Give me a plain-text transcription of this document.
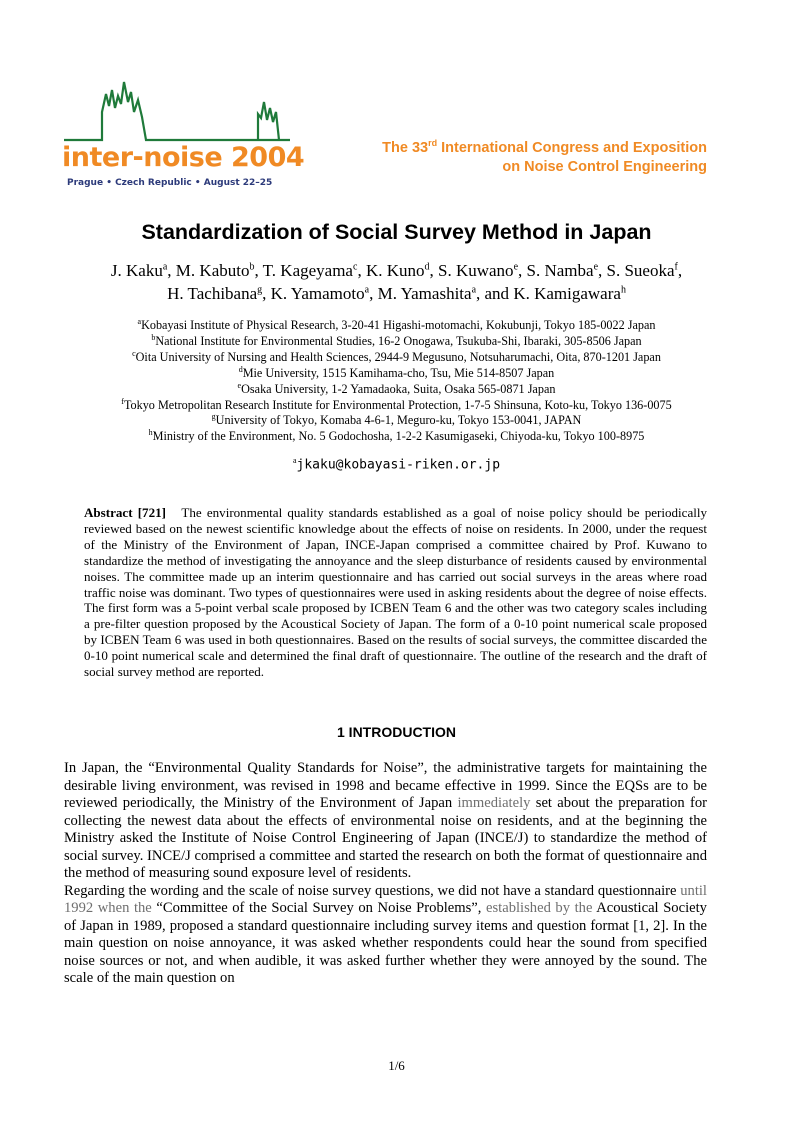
inter-noise 2004
Prague • Czech Republic • August 22–25
The 33rd International Congress and Exposition
on Noise Control Engineering
Standardization of Social Survey Method in Japan
J. Kaku$^a$, M. Kabuto$^b$, T. Kageyama$^c$, K. Kuno$^d$, S. Kuwano$^e$, S. Namba$^e$, S. Sueoka$^f$,
H. Tachibana$^g$, K. Yamamoto$^a$, M. Yamashita$^a$, and K. Kamigawara$^h$
$^a$Kobayasi Institute of Physical Research, 3-20-41 Higashi-motomachi, Kokubunji, Tokyo 185-0022 Japan
$^b$National Institute for Environmental Studies, 16-2 Onogawa, Tsukuba-Shi, Ibaraki, 305-8506 Japan
$^c$Oita University of Nursing and Health Sciences, 2944-9 Megusuno, Notsuharumachi, Oita, 870-1201 Japan
$^d$Mie University, 1515 Kamihama-cho, Tsu, Mie 514-8507 Japan
$^e$Osaka University, 1-2 Yamadaoka, Suita, Osaka 565-0871 Japan
$^f$Tokyo Metropolitan Research Institute for Environmental Protection, 1-7-5 Shinsuna, Koto-ku, Tokyo 136-0075
$^g$University of Tokyo, Komaba 4-6-1, Meguro-ku, Tokyo 153-0041, JAPAN
$^h$Ministry of the Environment, No. 5 Godochosha, 1-2-2 Kasumigaseki, Chiyoda-ku, Tokyo 100-8975
$^a$jkaku@kobayasi-riken.or.jp
Abstract [721] The environmental quality standards established as a goal of noise policy should be periodically reviewed based on the newest scientific knowledge about the effects of noise on residents. In 2000, under the request of the Ministry of the Environment of Japan, INCE-Japan comprised a committee chaired by Prof. Kuwano to standardize the method of investigating the annoyance and the sleep disturbance of residents caused by environmental noises. The committee made up an interim questionnaire and has carried out social surveys in the areas where road traffic noise was dominant. Two types of questionnaires were used in asking residents about the degree of noise effects. The first form was a 5-point verbal scale proposed by ICBEN Team 6 and the other was two category scales including a pre-filter question proposed by the Acoustical Society of Japan. The form of a 0-10 point numerical scale proposed by ICBEN Team 6 was used in both questionnaires. Based on the results of social surveys, the committee discarded the 0-10 point numerical scale and determined the final draft of questionnaire. The outline of the research and the draft of social survey method are reported.
1 INTRODUCTION

In Japan, the “Environmental Quality Standards for Noise”, the administrative targets for maintaining the desirable living environment, was revised in 1998 and became effective in 1999. Since the EQSs are to be reviewed periodically, the Ministry of the Environment of Japan immediately set about the preparation for collecting the newest data about the effects of environmental noise on residents, and at the beginning the Ministry asked the Institute of Noise Control Engineering of Japan (INCE/J) to standardize the method of social survey. INCE/J comprised a committee and started the research on both the format of questionnaire and the method of measuring sound exposure level of residents.

Regarding the wording and the scale of noise survey questions, we did not have a standard questionnaire until 1992 when the “Committee of the Social Survey on Noise Problems”, established by the Acoustical Society of Japan in 1989, proposed a standard questionnaire including survey items and question format [1, 2]. In the main question on noise annoyance, it was asked whether respondents could hear the sound from specified noise sources or not, and when audible, it was asked further whether they were annoyed by the sound. The scale of the main question on

1/6
